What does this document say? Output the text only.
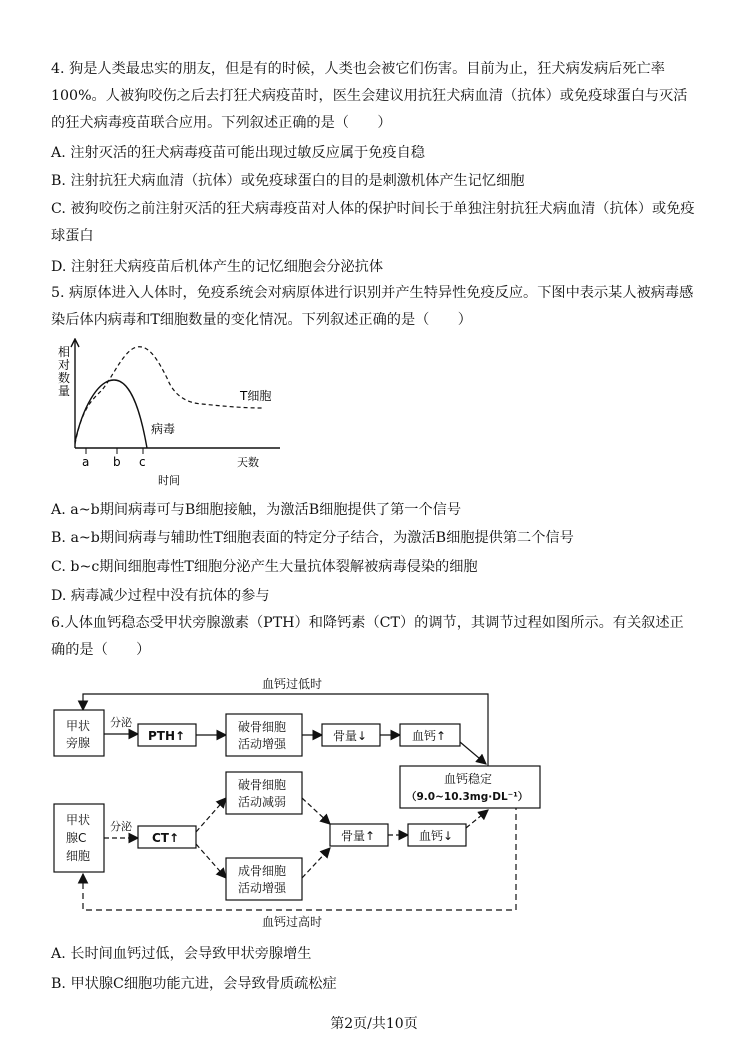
4. 狗是人类最忠实的朋友，但是有的时候，人类也会被它们伤害。目前为止，狂犬病发病后死亡率100%。人被狗咬伤之后去打狂犬病疫苗时，医生会建议用抗狂犬病血清（抗体）或免疫球蛋白与灭活的狂犬病毒疫苗联合应用。下列叙述正确的是（　　）
A. 注射灭活的狂犬病毒疫苗可能出现过敏反应属于免疫自稳
B. 注射抗狂犬病血清（抗体）或免疫球蛋白的目的是刺激机体产生记忆细胞
C. 被狗咬伤之前注射灭活的狂犬病毒疫苗对人体的保护时间长于单独注射抗狂犬病血清（抗体）或免疫球蛋白
D. 注射狂犬病疫苗后机体产生的记忆细胞会分泌抗体
5. 病原体进入人体时，免疫系统会对病原体进行识别并产生特异性免疫反应。下图中表示某人被病毒感染后体内病毒和T细胞数量的变化情况。下列叙述正确的是（　　）
相对数量	T细胞
病毒
a b c	天数
时间
A. a~b期间病毒可与B细胞接触，为激活B细胞提供了第一个信号
B. a~b期间病毒与辅助性T细胞表面的特定分子结合，为激活B细胞提供第二个信号
C. b~c期间细胞毒性T细胞分泌产生大量抗体裂解被病毒侵染的细胞
D. 病毒减少过程中没有抗体的参与
6.人体血钙稳态受甲状旁腺激素（PTH）和降钙素（CT）的调节，其调节过程如图所示。有关叙述正确的是（　　）
血钙过低时
血钙过高时
甲状
旁腺
分泌
PTH↑
破骨细胞
活动增强
骨量↓	血钙↑
血钙稳定
（9.0~10.3mg·DL⁻¹）
甲状
腺C
细胞
分泌
CT↑
破骨细胞
活动减弱
成骨细胞
活动增强
骨量↑	血钙↓
A. 长时间血钙过低，会导致甲状旁腺增生
B. 甲状腺C细胞功能亢进，会导致骨质疏松症
第2页/共10页
